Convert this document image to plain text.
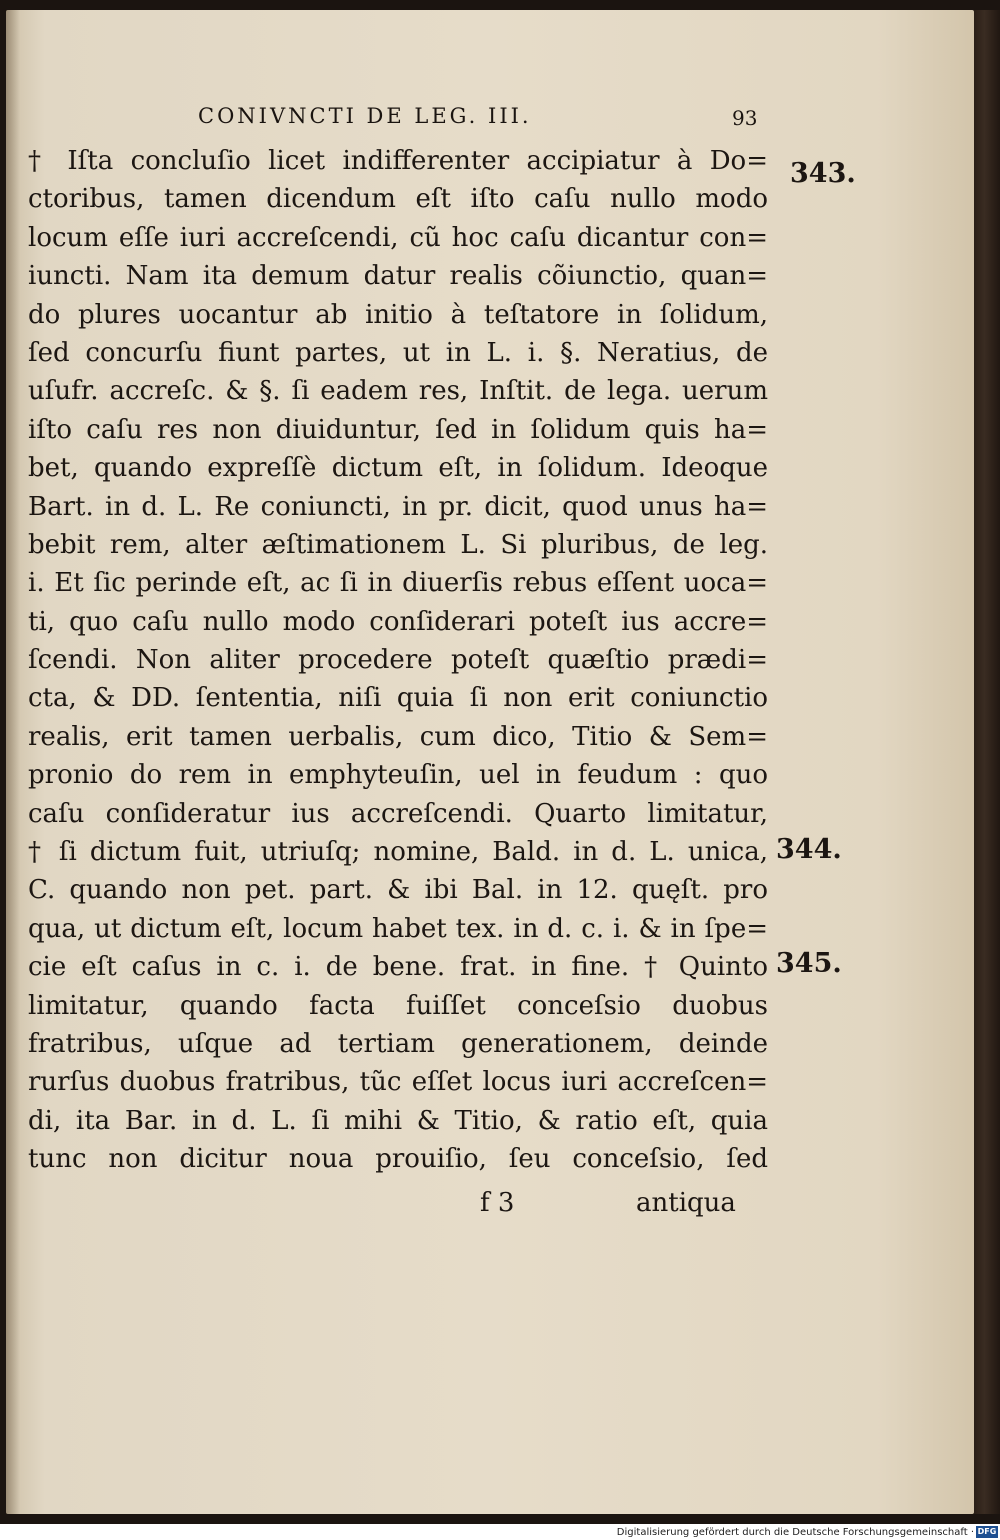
CONIVNCTI DE LEG. III.	93
† Iſta concluſio licet indifferenter accipiatur à Do=
ctoribus, tamen dicendum eſt iſto caſu nullo modo
locum eſſe iuri accreſcendi, cũ hoc caſu dicantur con=
iuncti. Nam ita demum datur realis cõiunctio, quan=
do plures uocantur ab initio à teſtatore in ſolidum,
ſed concurſu fiunt partes, ut in L. i. §. Neratius, de
uſufr. accreſc. & §. ſi eadem res, Inſtit. de lega. uerum
iſto caſu res non diuiduntur, ſed in ſolidum quis ha=
bet, quando expreſſè dictum eſt, in ſolidum. Ideoque
Bart. in d. L. Re coniuncti, in pr. dicit, quod unus ha=
bebit rem, alter æſtimationem L. Si pluribus, de leg.
i. Et ſic perinde eſt, ac ſi in diuerſis rebus eſſent uoca=
ti, quo caſu nullo modo conſiderari poteſt ius accre=
ſcendi. Non aliter procedere poteſt quæſtio prædi=
cta, & DD. ſententia, niſi quia ſi non erit coniunctio
realis, erit tamen uerbalis, cum dico, Titio & Sem=
pronio do rem in emphyteuſin, uel in feudum : quo
caſu conſideratur ius accreſcendi. Quarto limitatur,
† ſi dictum fuit, utriuſq; nomine, Bald. in d. L. unica,
C. quando non pet. part. & ibi Bal. in 12. quęſt. pro
qua, ut dictum eſt, locum habet tex. in d. c. i. & in ſpe=
cie eſt caſus in c. i. de bene. frat. in fine. † Quinto
limitatur, quando facta fuiſſet conceſsio duobus
fratribus, uſque ad tertiam generationem, deinde
rurſus duobus fratribus, tũc eſſet locus iuri accreſcen=
di, ita Bar. in d. L. ſi mihi & Titio, & ratio eſt, quia
tunc non dicitur noua prouiſio, ſeu conceſsio, ſed
f 3	antiqua
343.
344.
345.
Digitalisierung gefördert durch die Deutsche Forschungsgemeinschaft · DFG
